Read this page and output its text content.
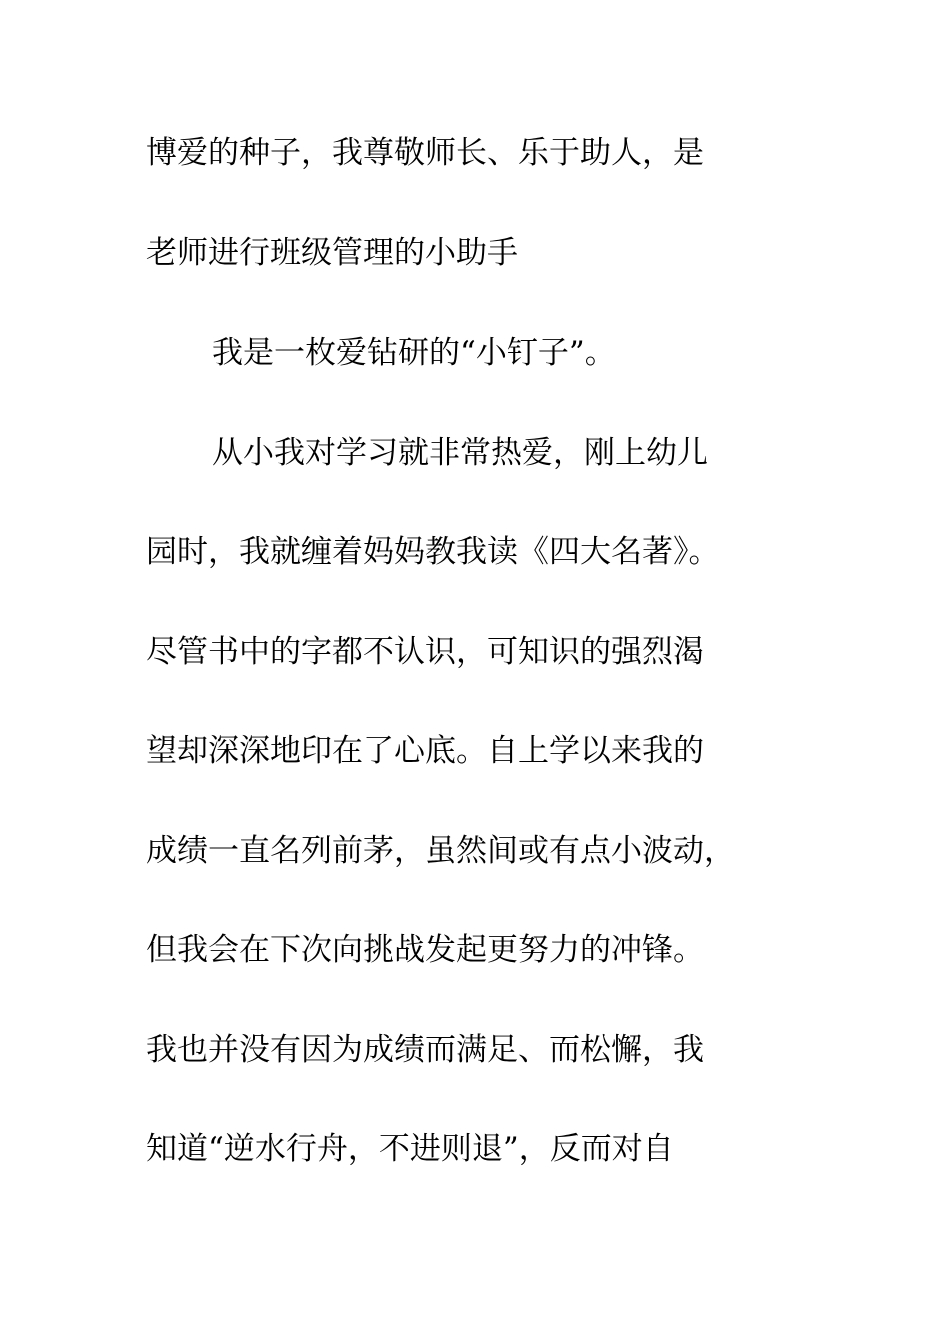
博爱的种子，我尊敬师长、乐于助人，是

老师进行班级管理的小助手

我是一枚爱钻研的“小钉子”。

从小我对学习就非常热爱，刚上幼儿

园时，我就缠着妈妈教我读《四大名著》。

尽管书中的字都不认识，可知识的强烈渴

望却深深地印在了心底。自上学以来我的

成绩一直名列前茅，虽然间或有点小波动，

但我会在下次向挑战发起更努力的冲锋。

我也并没有因为成绩而满足、而松懈，我

知道“逆水行舟，不进则退”，反而对自
